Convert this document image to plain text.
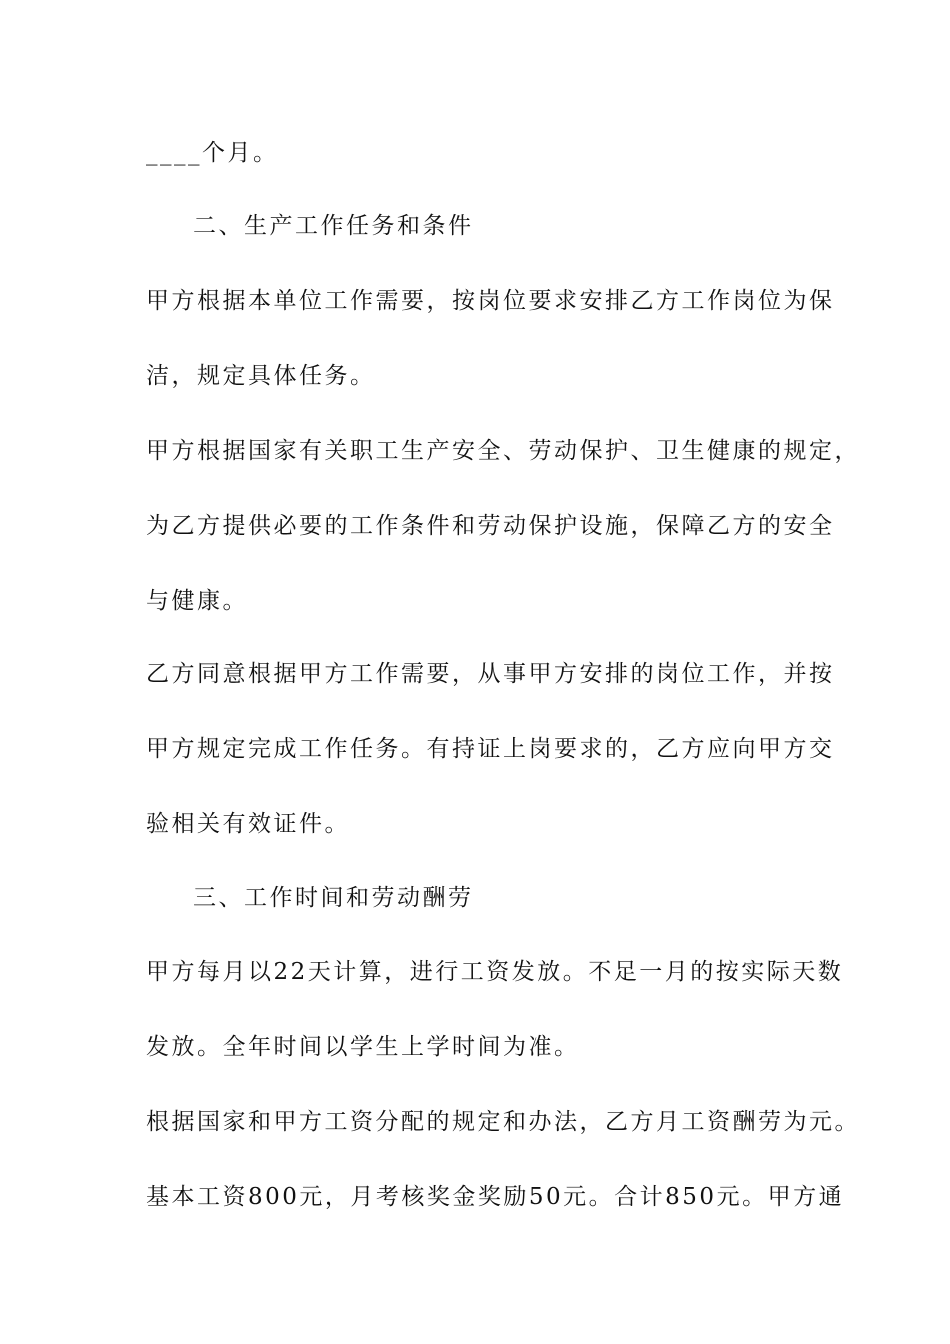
____个月。
二、生产工作任务和条件
甲方根据本单位工作需要，按岗位要求安排乙方工作岗位为保
洁，规定具体任务。
甲方根据国家有关职工生产安全、劳动保护、卫生健康的规定，
为乙方提供必要的工作条件和劳动保护设施，保障乙方的安全
与健康。
乙方同意根据甲方工作需要，从事甲方安排的岗位工作，并按
甲方规定完成工作任务。有持证上岗要求的，乙方应向甲方交
验相关有效证件。
三、工作时间和劳动酬劳
甲方每月以22天计算，进行工资发放。不足一月的按实际天数
发放。全年时间以学生上学时间为准。
根据国家和甲方工资分配的规定和办法，乙方月工资酬劳为元。
基本工资800元，月考核奖金奖励50元。合计850元。甲方通
